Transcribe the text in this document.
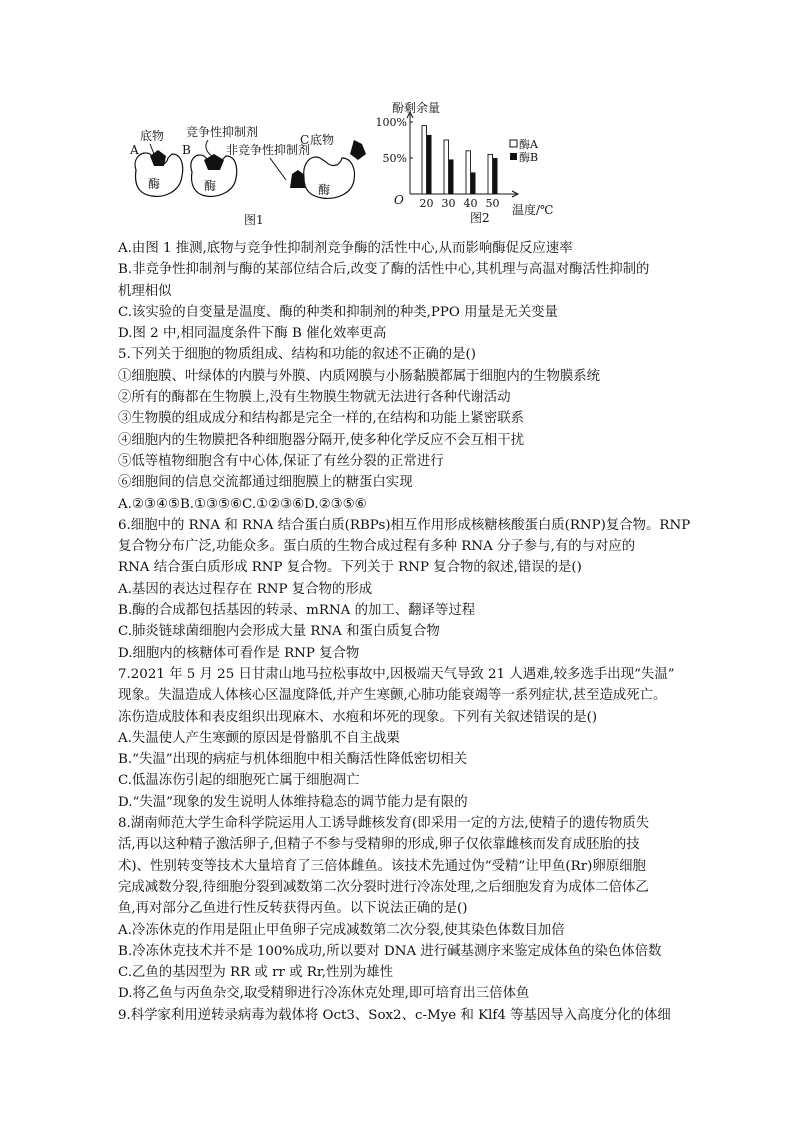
A
底物
酶
B
竞争性抑制剂
酶
非竞争性抑制剂
C 底物
酶
图1
50%
100%
20 30 40 50
酚剩余量
O
温度/℃
酶A
酶B
图2
A.由图 1 推测,底物与竞争性抑制剂竞争酶的活性中心,从而影响酶促反应速率
B.非竞争性抑制剂与酶的某部位结合后,改变了酶的活性中心,其机理与高温对酶活性抑制的
机理相似
C.该实验的自变量是温度、酶的种类和抑制剂的种类,PPO 用量是无关变量
D.图 2 中,相同温度条件下酶 B 催化效率更高
5.下列关于细胞的物质组成、结构和功能的叙述不正确的是()
①细胞膜、叶绿体的内膜与外膜、内质网膜与小肠黏膜都属于细胞内的生物膜系统
②所有的酶都在生物膜上,没有生物膜生物就无法进行各种代谢活动
③生物膜的组成成分和结构都是完全一样的,在结构和功能上紧密联系
④细胞内的生物膜把各种细胞器分隔开,使多种化学反应不会互相干扰
⑤低等植物细胞含有中心体,保证了有丝分裂的正常进行
⑥细胞间的信息交流都通过细胞膜上的糖蛋白实现
A.②③④⑤B.①③⑤⑥C.①②③⑥D.②③⑤⑥
6.细胞中的 RNA 和 RNA 结合蛋白质(RBPs)相互作用形成核糖核酸蛋白质(RNP)复合物。RNP
复合物分布广泛,功能众多。蛋白质的生物合成过程有多种 RNA 分子参与,有的与对应的
RNA 结合蛋白质形成 RNP 复合物。下列关于 RNP 复合物的叙述,错误的是()
A.基因的表达过程存在 RNP 复合物的形成
B.酶的合成都包括基因的转录、mRNA 的加工、翻译等过程
C.肺炎链球菌细胞内会形成大量 RNA 和蛋白质复合物
D.细胞内的核糖体可看作是 RNP 复合物
7.2021 年 5 月 25 日甘肃山地马拉松事故中,因极端天气导致 21 人遇难,较多选手出现“失温”
现象。失温造成人体核心区温度降低,并产生寒颤,心肺功能衰竭等一系列症状,甚至造成死亡。
冻伤造成肢体和表皮组织出现麻木、水疱和坏死的现象。下列有关叙述错误的是()
A.失温使人产生寒颤的原因是骨骼肌不自主战栗
B.“失温”出现的病症与机体细胞中相关酶活性降低密切相关
C.低温冻伤引起的细胞死亡属于细胞凋亡
D.“失温”现象的发生说明人体维持稳态的调节能力是有限的
8.湖南师范大学生命科学院运用人工诱导雌核发育(即采用一定的方法,使精子的遗传物质失
活,再以这种精子激活卵子,但精子不参与受精卵的形成,卵子仅依靠雌核而发育成胚胎的技
术)、性别转变等技术大量培育了三倍体雌鱼。该技术先通过伪“受精”让甲鱼(Rr)卵原细胞
完成减数分裂,待细胞分裂到减数第二次分裂时进行冷冻处理,之后细胞发育为成体二倍体乙
鱼,再对部分乙鱼进行性反转获得丙鱼。以下说法正确的是()
A.冷冻休克的作用是阻止甲鱼卵子完成减数第二次分裂,使其染色体数目加倍
B.冷冻休克技术并不是 100%成功,所以要对 DNA 进行碱基测序来鉴定成体鱼的染色体倍数
C.乙鱼的基因型为 RR 或 rr 或 Rr,性别为雄性
D.将乙鱼与丙鱼杂交,取受精卵进行冷冻休克处理,即可培育出三倍体鱼
9.科学家利用逆转录病毒为载体将 Oct3、Sox2、c-Mye 和 Klf4 等基因导入高度分化的体细
